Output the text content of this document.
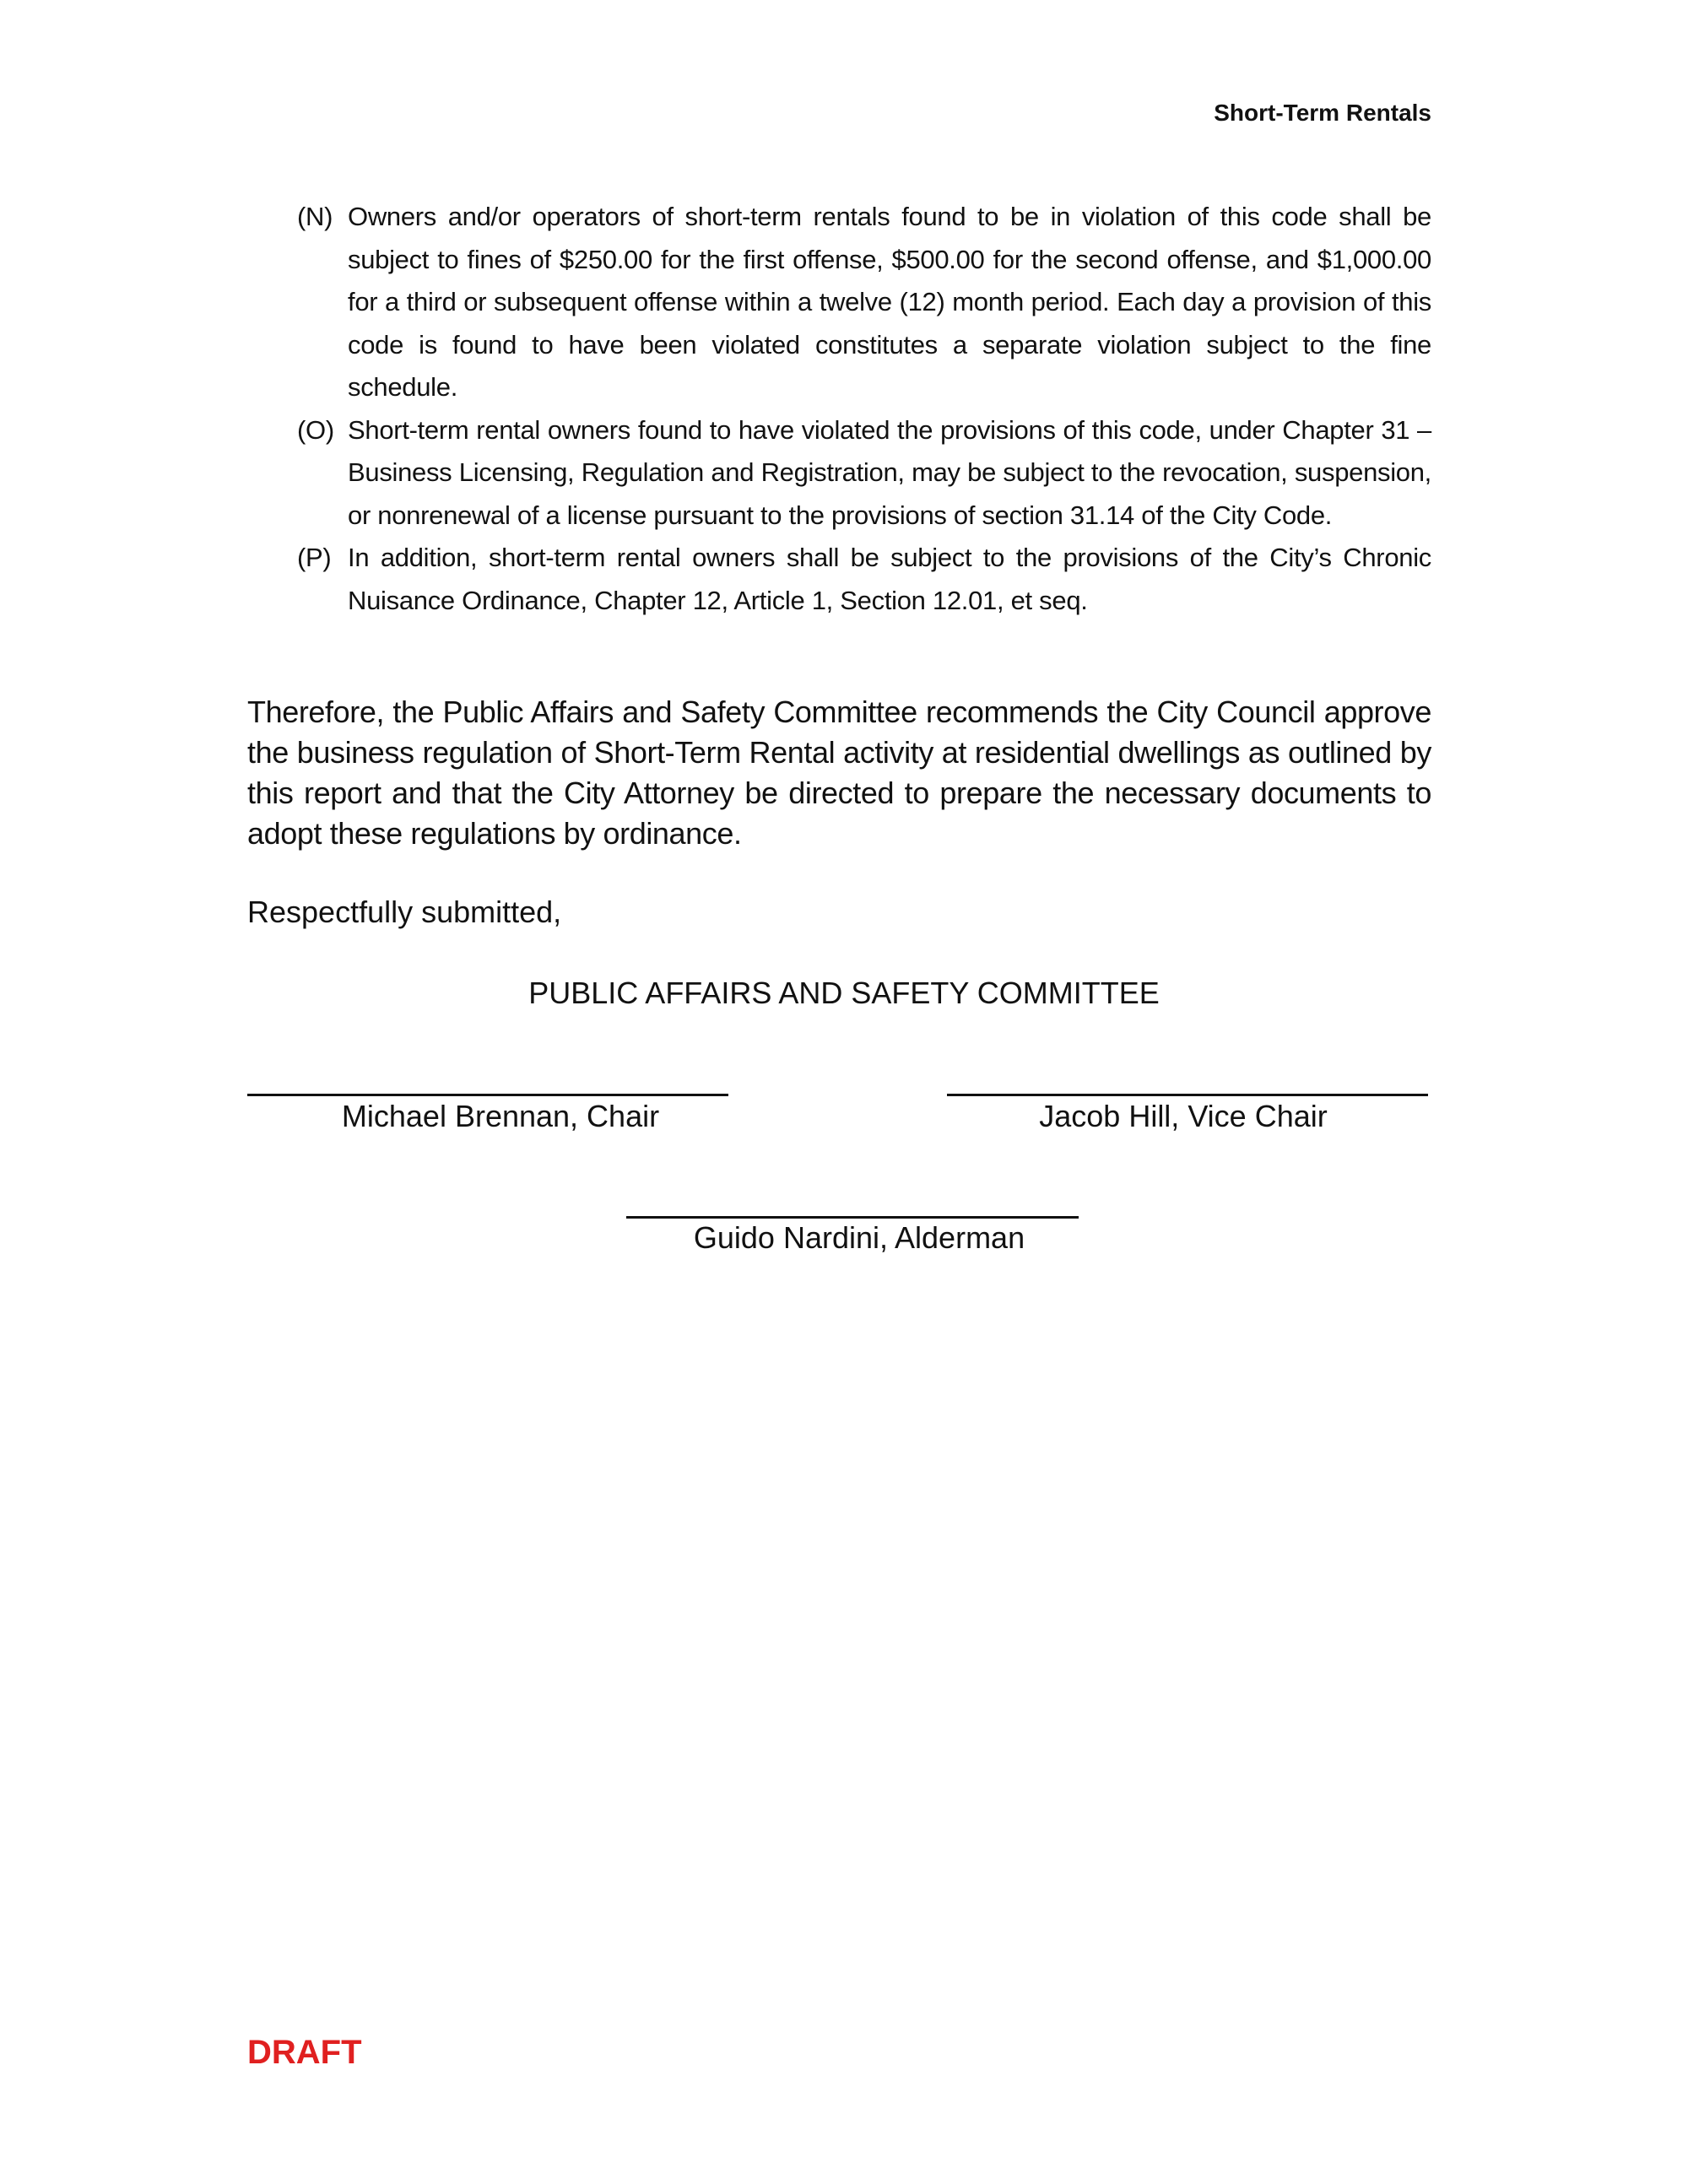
Short-Term Rentals
(N) Owners and/or operators of short-term rentals found to be in violation of this code shall be subject to fines of $250.00 for the first offense, $500.00 for the second offense, and $1,000.00 for a third or subsequent offense within a twelve (12) month period. Each day a provision of this code is found to have been violated constitutes a separate violation subject to the fine schedule.
(O) Short-term rental owners found to have violated the provisions of this code, under Chapter 31 – Business Licensing, Regulation and Registration, may be subject to the revocation, suspension, or nonrenewal of a license pursuant to the provisions of section 31.14 of the City Code.
(P) In addition, short-term rental owners shall be subject to the provisions of the City’s Chronic Nuisance Ordinance, Chapter 12, Article 1, Section 12.01, et seq.

Therefore, the Public Affairs and Safety Committee recommends the City Council approve the business regulation of Short-Term Rental activity at residential dwellings as outlined by this report and that the City Attorney be directed to prepare the necessary documents to adopt these regulations by ordinance.

Respectfully submitted,
PUBLIC AFFAIRS AND SAFETY COMMITTEE
Michael Brennan, Chair	Jacob Hill, Vice Chair
Guido Nardini, Alderman
DRAFT
